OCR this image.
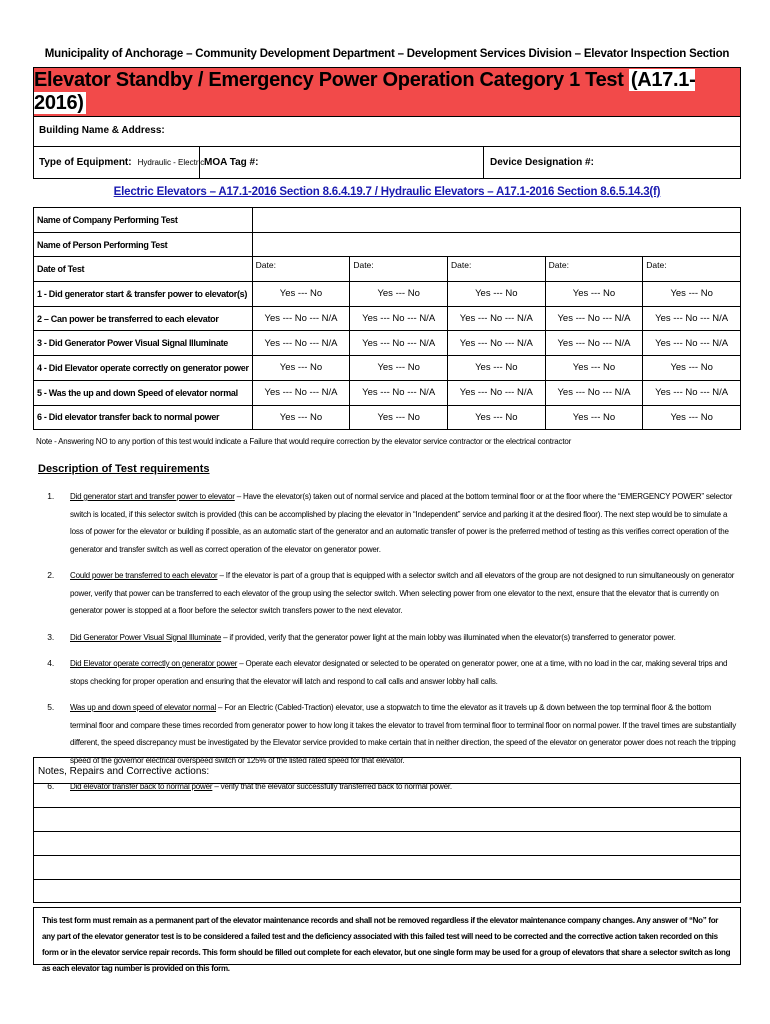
Municipality of Anchorage – Community Development Department – Development Services Division – Elevator Inspection Section
Elevator Standby / Emergency Power Operation Category 1 Test (A17.1-2016)
Building Name & Address:
Type of Equipment: Hydraulic - Electric MOA Tag #:	Device Designation #:
Electric Elevators – A17.1-2016 Section 8.6.4.19.7 / Hydraulic Elevators – A17.1-2016 Section 8.6.5.14.3(f)
Name of Company Performing Test					
Name of Person Performing Test					
Date of Test	Date:	Date:	Date:	Date:	Date:
1 - Did generator start & transfer power to elevator(s)	Yes --- No	Yes --- No	Yes --- No	Yes --- No	Yes --- No
2 – Can power be transferred to each elevator	Yes --- No --- N/A	Yes --- No --- N/A	Yes --- No --- N/A	Yes --- No --- N/A	Yes --- No --- N/A
3 - Did Generator Power Visual Signal Illuminate	Yes --- No --- N/A	Yes --- No --- N/A	Yes --- No --- N/A	Yes --- No --- N/A	Yes --- No --- N/A
4 - Did Elevator operate correctly on generator power	Yes --- No	Yes --- No	Yes --- No	Yes --- No	Yes --- No
5 - Was the up and down Speed of elevator normal	Yes --- No --- N/A	Yes --- No --- N/A	Yes --- No --- N/A	Yes --- No --- N/A	Yes --- No --- N/A
6 - Did elevator transfer back to normal power	Yes --- No	Yes --- No	Yes --- No	Yes --- No	Yes --- No
Note - Answering NO to any portion of this test would indicate a Failure that would require correction by the elevator service contractor or the electrical contractor
Description of Test requirements
1.	Did generator start and transfer power to elevator – Have the elevator(s) taken out of normal service and placed at the bottom terminal floor or at the floor where the “EMERGENCY POWER” selector switch is located, if this selector switch is provided (this can be accomplished by placing the elevator in “Independent” service and parking it at the desired floor). The next step would be to simulate a loss of power for the elevator or building if possible, as an automatic start of the generator and an automatic transfer of power is the preferred method of testing as this verifies correct operation of the generator and transfer switch as well as correct operation of the elevator on generator power.
2.	Could power be transferred to each elevator – If the elevator is part of a group that is equipped with a selector switch and all elevators of the group are not designed to run simultaneously on generator power, verify that power can be transferred to each elevator of the group using the selector switch. When selecting power from one elevator to the next, ensure that the elevator that is currently on generator power is stopped at a floor before the selector switch transfers power to the next elevator.
3.	Did Generator Power Visual Signal Illuminate – if provided, verify that the generator power light at the main lobby was illuminated when the elevator(s) transferred to generator power.
4.	Did Elevator operate correctly on generator power – Operate each elevator designated or selected to be operated on generator power, one at a time, with no load in the car, making several trips and stops checking for proper operation and ensuring that the elevator will latch and respond to call calls and answer lobby hall calls.
5.	Was up and down speed of elevator normal – For an Electric (Cabled-Traction) elevator, use a stopwatch to time the elevator as it travels up & down between the top terminal floor & the bottom terminal floor and compare these times recorded from generator power to how long it takes the elevator to travel from terminal floor to terminal floor on normal power. If the travel times are substantially different, the speed discrepancy must be investigated by the Elevator service provided to make certain that in neither direction, the speed of the elevator on generator power does not reach the tripping speed of the governor electrical overspeed switch or 125% of the listed rated speed for that elevator.
6.	Did elevator transfer back to normal power – verify that the elevator successfully transferred back to normal power.
Notes, Repairs and Corrective actions:
This test form must remain as a permanent part of the elevator maintenance records and shall not be removed regardless if the elevator maintenance company changes. Any answer of “No” for any part of the elevator generator test is to be considered a failed test and the deficiency associated with this failed test will need to be corrected and the corrective action taken recorded on this form or in the elevator service repair records. This form should be filled out complete for each elevator, but one single form may be used for a group of elevators that share a selector switch as long as each elevator tag number is provided on this form.
